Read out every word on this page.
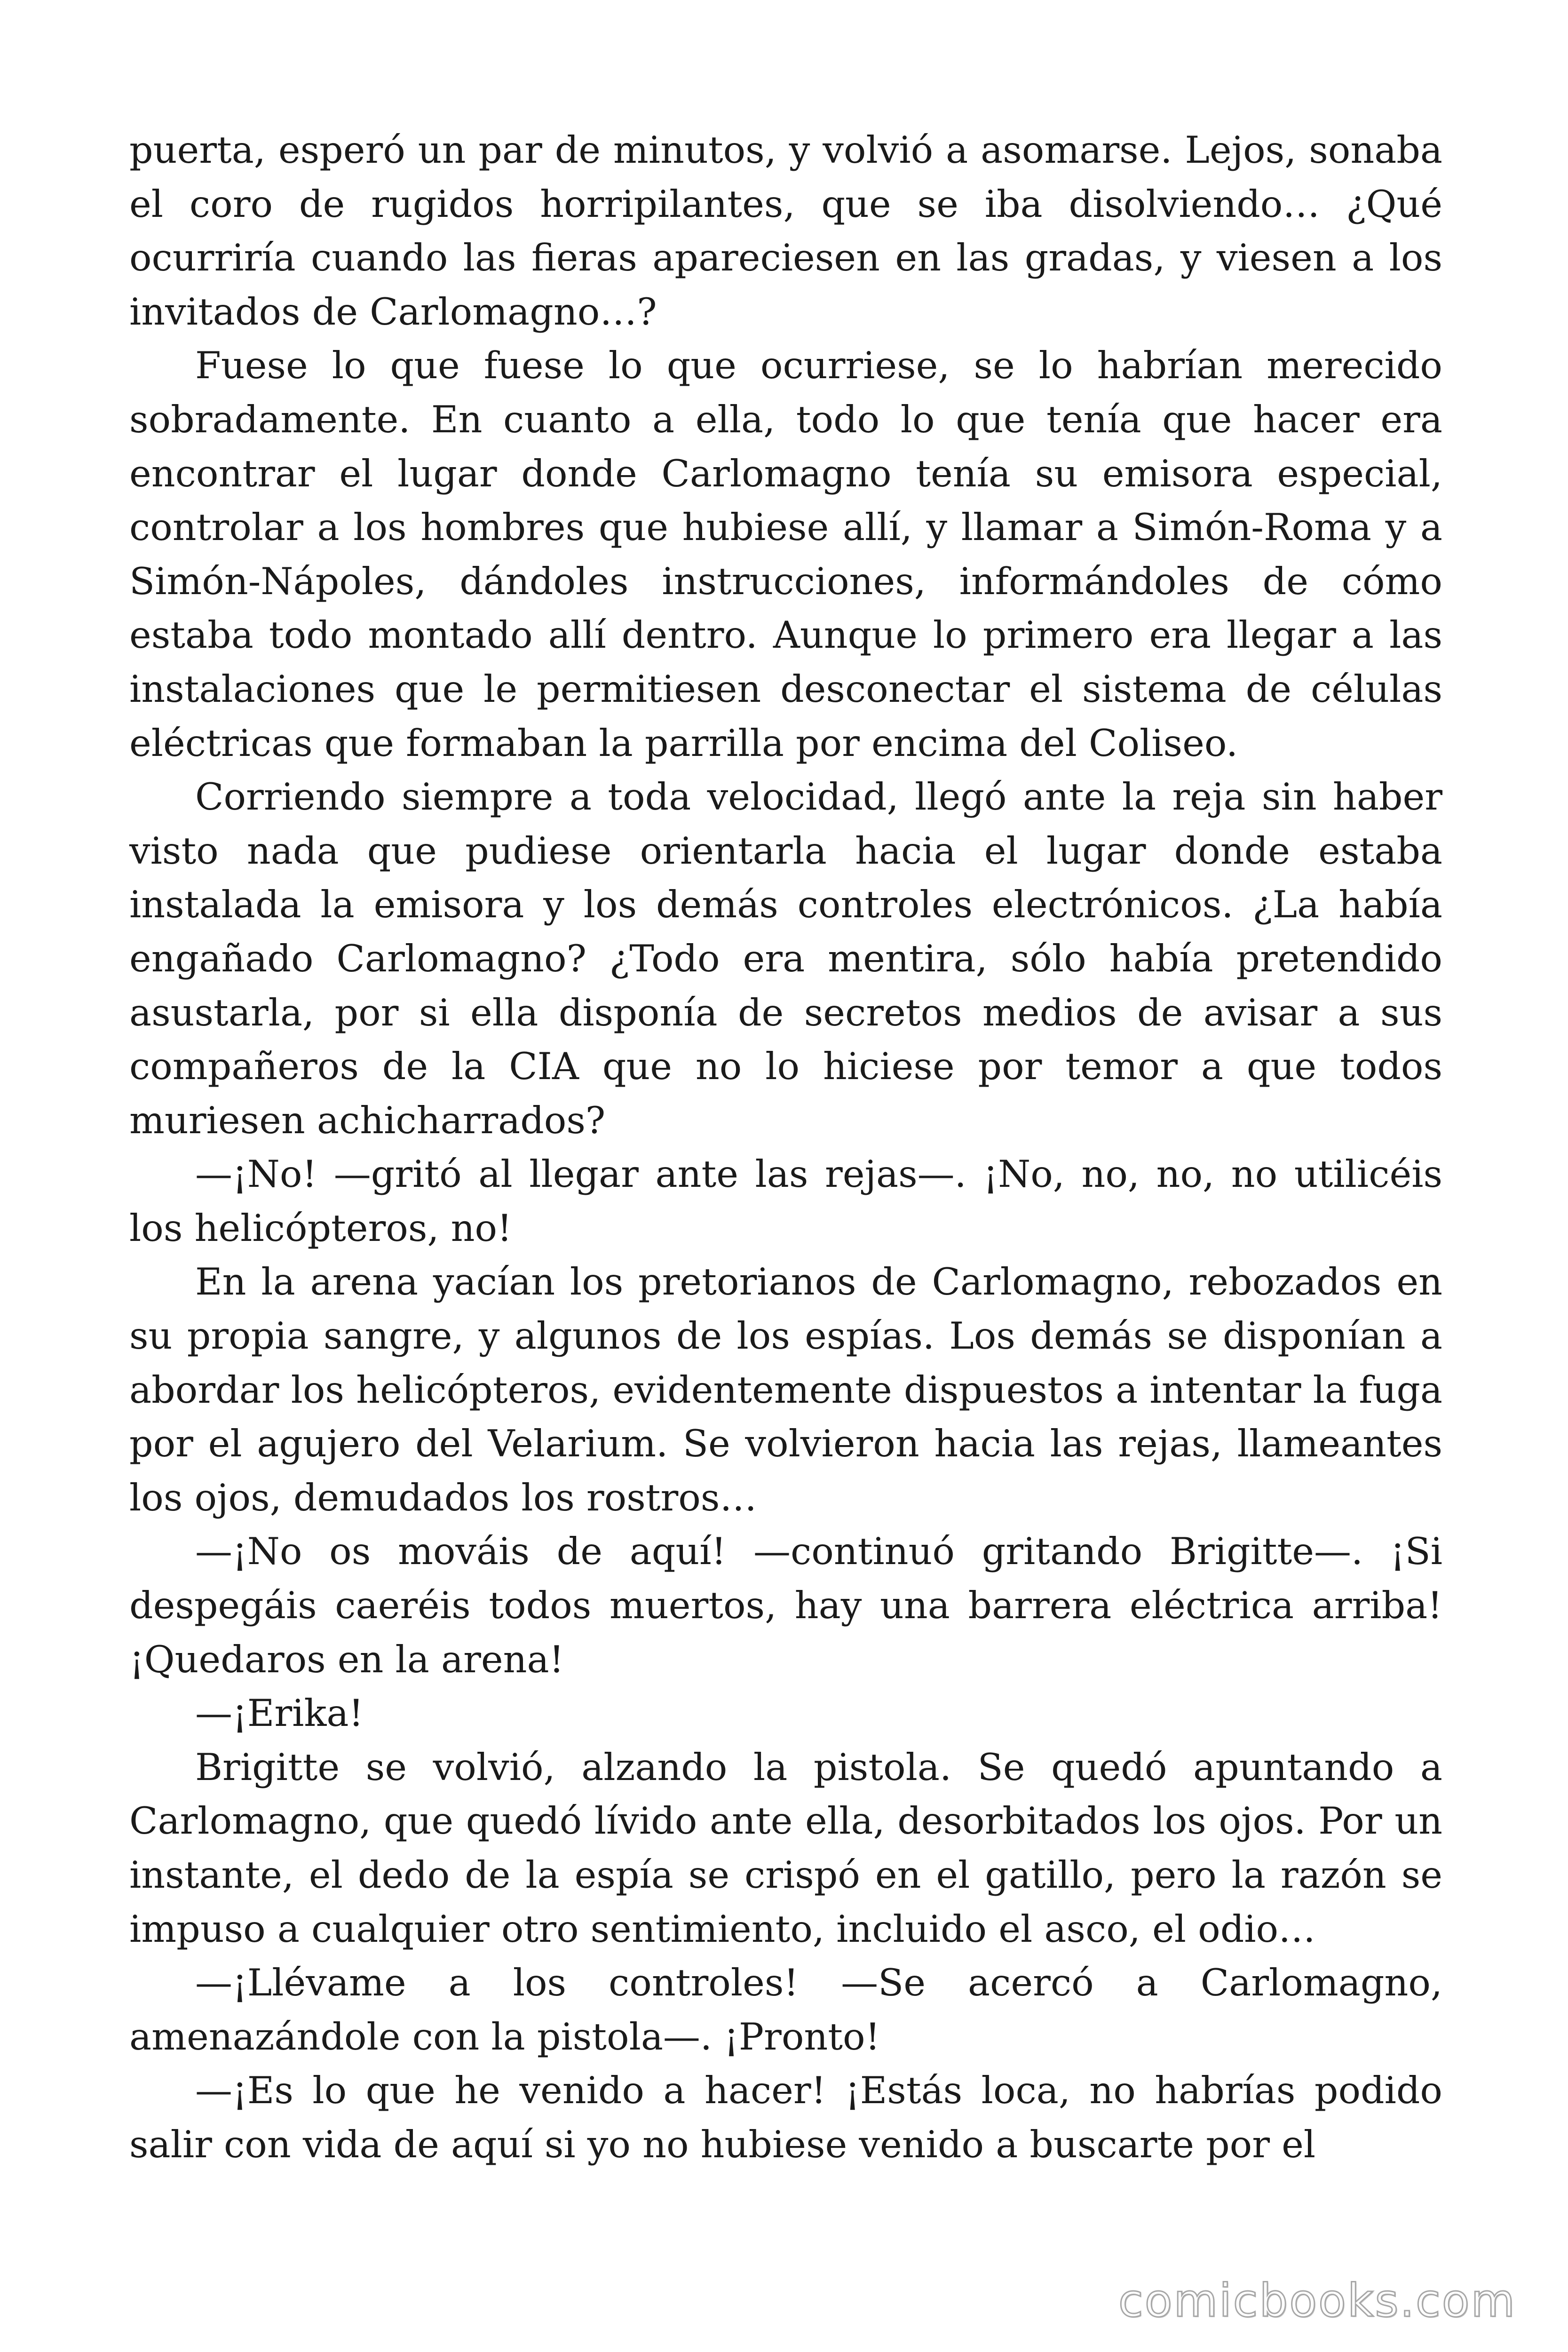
puerta, esperó un par de minutos, y volvió a asomarse. Lejos, sonaba el coro de rugidos horripilantes, que se iba disolviendo… ¿Qué ocurriría cuando las fieras apareciesen en las gradas, y viesen a los invitados de Carlomagno…?

Fuese lo que fuese lo que ocurriese, se lo habrían merecido sobradamente. En cuanto a ella, todo lo que tenía que hacer era encontrar el lugar donde Carlomagno tenía su emisora especial, controlar a los hombres que hubiese allí, y llamar a Simón-Roma y a Simón-Nápoles, dándoles instrucciones, informándoles de cómo estaba todo montado allí dentro. Aunque lo primero era llegar a las instalaciones que le permitiesen desconectar el sistema de células eléctricas que formaban la parrilla por encima del Coliseo.

Corriendo siempre a toda velocidad, llegó ante la reja sin haber visto nada que pudiese orientarla hacia el lugar donde estaba instalada la emisora y los demás controles electrónicos. ¿La había engañado Carlomagno? ¿Todo era mentira, sólo había pretendido asustarla, por si ella disponía de secretos medios de avisar a sus compañeros de la CIA que no lo hiciese por temor a que todos muriesen achicharrados?

—¡No! —gritó al llegar ante las rejas—. ¡No, no, no, no utilicéis los helicópteros, no!

En la arena yacían los pretorianos de Carlomagno, rebozados en su propia sangre, y algunos de los espías. Los demás se disponían a abordar los helicópteros, evidentemente dispuestos a intentar la fuga por el agujero del Velarium. Se volvieron hacia las rejas, llameantes los ojos, demudados los rostros…

—¡No os mováis de aquí! —continuó gritando Brigitte—. ¡Si despegáis caeréis todos muertos, hay una barrera eléctrica arriba! ¡Quedaros en la arena!

—¡Erika!

Brigitte se volvió, alzando la pistola. Se quedó apuntando a Carlomagno, que quedó lívido ante ella, desorbitados los ojos. Por un instante, el dedo de la espía se crispó en el gatillo, pero la razón se impuso a cualquier otro sentimiento, incluido el asco, el odio…

—¡Llévame a los controles! —Se acercó a Carlomagno, amenazándole con la pistola—. ¡Pronto!

—¡Es lo que he venido a hacer! ¡Estás loca, no habrías podido salir con vida de aquí si yo no hubiese venido a buscarte por el

comicbooks.com
